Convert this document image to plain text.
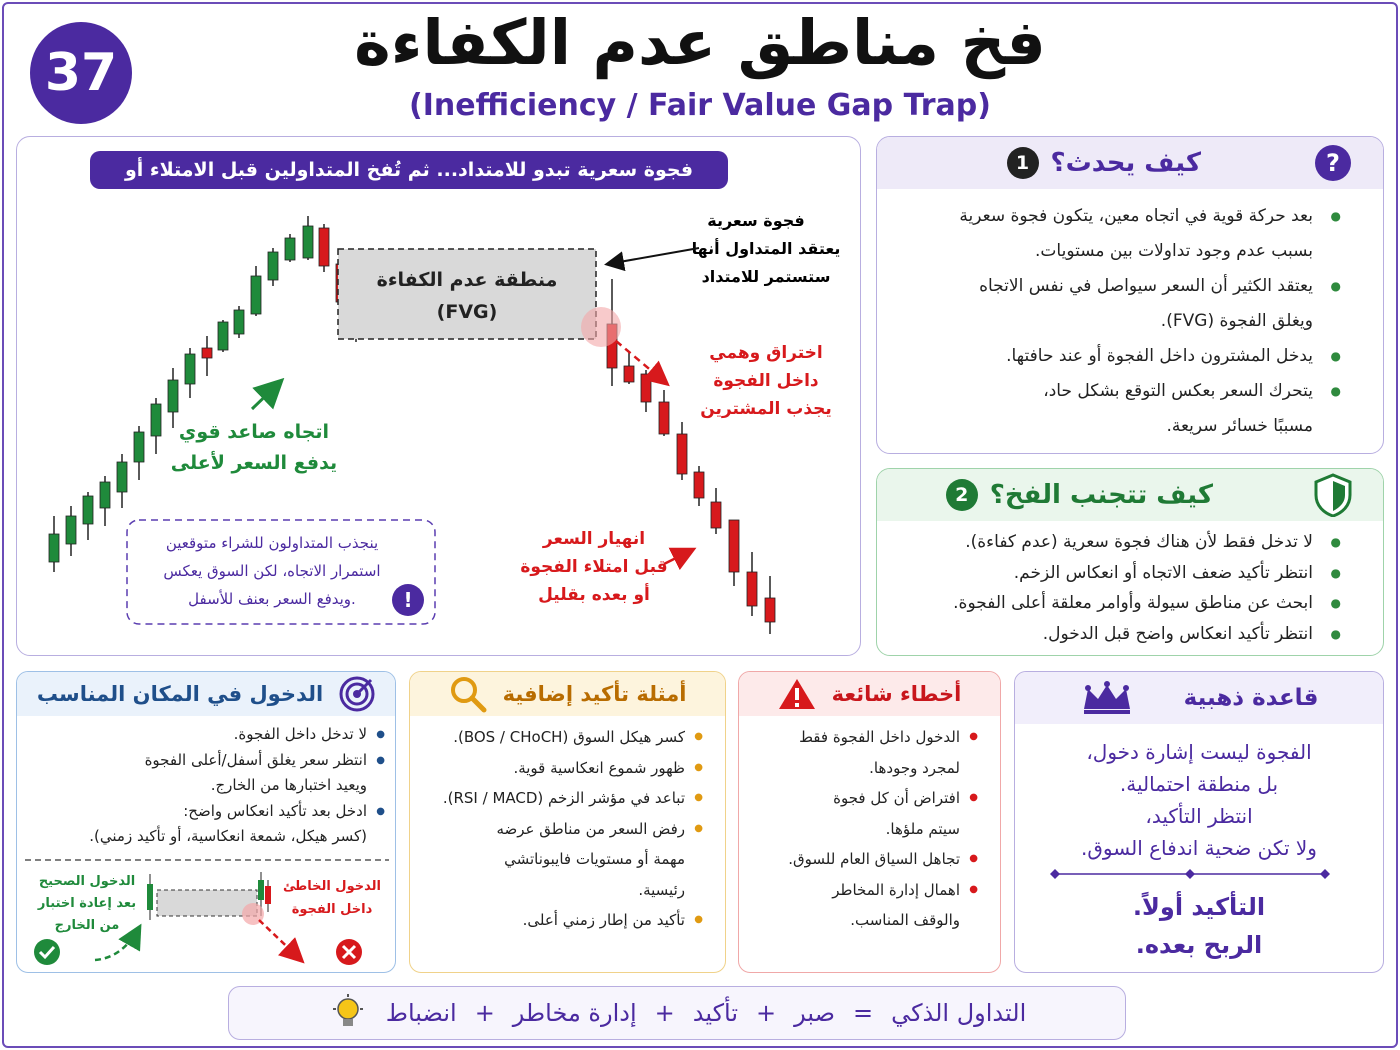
37	فخ مناطق عدم الكفاءة
(Inefficiency / Fair Value Gap Trap)
فجوة سعرية تبدو للامتداد... ثم تُفخ المتداولين قبل الامتلاء أو الانعكاس
منطقة عدم الكفاءة
(FVG)
فجوة سعرية
يعتقد المتداول أنها
ستستمر للامتداد
اختراق وهمي
داخل الفجوة
يجذب المشترين
اتجاه صاعد قوي
يدفع السعر لأعلى
انهيار السعر
قبل امتلاء الفجوة
أو بعده بقليل
ينجذب المتداولون للشراء متوقعين
استمرار الاتجاه، لكن السوق يعكس
ويدفع السعر بعنف للأسفل. !
1 كيف يحدث؟	?
● بعد حركة قوية في اتجاه معين، يتكون فجوة سعرية
بسبب عدم وجود تداولات بين مستويات.
● يعتقد الكثير أن السعر سيواصل في نفس الاتجاه
ويغلق الفجوة (FVG).
● يدخل المشترون داخل الفجوة أو عند حافتها.
● يتحرك السعر بعكس التوقع بشكل حاد،
مسببًا خسائر سريعة.
2 كيف تتجنب الفخ؟
● لا تدخل فقط لأن هناك فجوة سعرية (عدم كفاءة).
● انتظر تأكيد ضعف الاتجاه أو انعكاس الزخم.
● ابحث عن مناطق سيولة وأوامر معلقة أعلى الفجوة.
● انتظر تأكيد انعكاس واضح قبل الدخول.
الدخول في المكان المناسب
● لا تدخل داخل الفجوة.
● انتظر سعر يغلق أسفل/أعلى الفجوة
ويعيد اختبارها من الخارج.
● ادخل بعد تأكيد انعكاس واضح:
(كسر هيكل، شمعة انعكاسية، أو تأكيد زمني).
الدخول الصحيح
بعد إعادة اختبار
من الخارج
الدخول الخاطئ
داخل الفجوة
أمثلة تأكيد إضافية
● كسر هيكل السوق (BOS / CHoCH).
● ظهور شموع انعكاسية قوية.
● تباعد في مؤشر الزخم (RSI / MACD).
● رفض السعر من مناطق عرضه
مهمة أو مستويات فايبوناتشي
رئيسية.
● تأكيد من إطار زمني أعلى.
أخطاء شائعة
● الدخول داخل الفجوة فقط
لمجرد وجودها.
● افتراض أن كل فجوة
سيتم ملؤها.
● تجاهل السياق العام للسوق.
● اهمال إدارة المخاطر
والوقف المناسب.
قاعدة ذهبية
الفجوة ليست إشارة دخول،
بل منطقة احتمالية.
انتظر التأكيد،
ولا تكن ضحية اندفاع السوق.
التأكيد أولاً.
الربح بعده.
التداول الذكي
=
صبر
+
تأكيد
+
إدارة مخاطر
+
انضباط
